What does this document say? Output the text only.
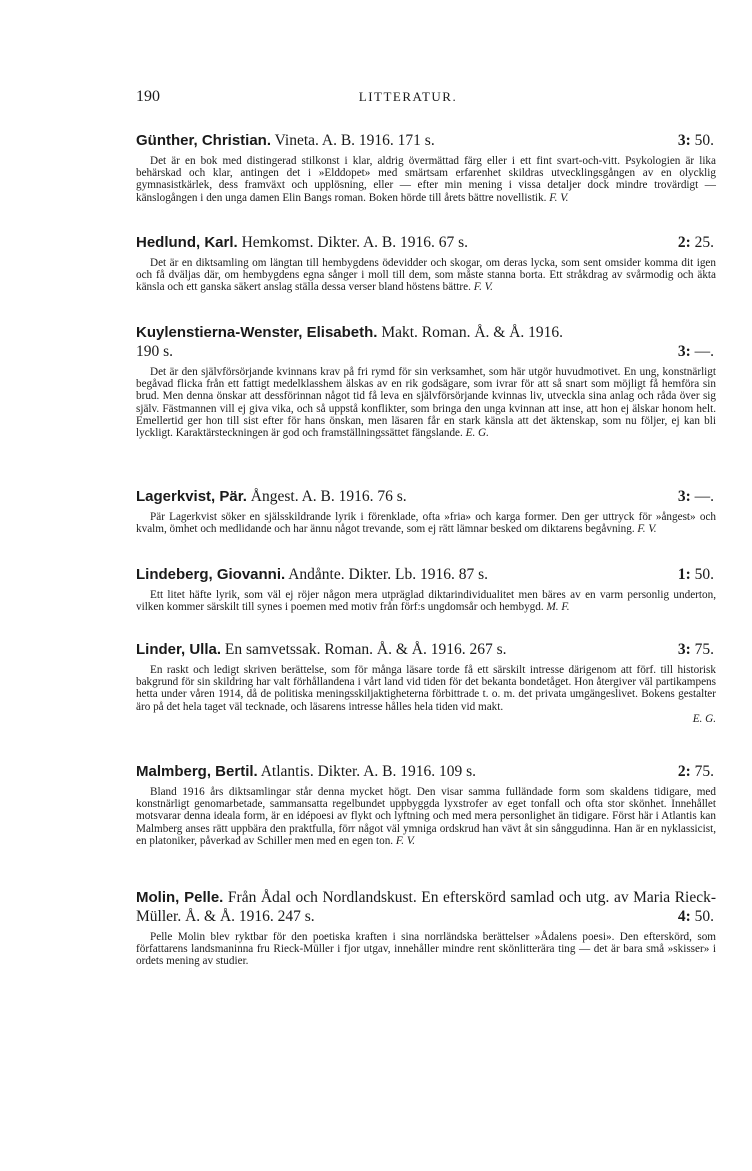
190	LITTERATUR.
Günther, Christian. Vineta. A. B. 1916. 171 s.	3: 50.
Det är en bok med distingerad stilkonst i klar, aldrig övermättad färg eller i ett fint svart-och-vitt. Psykologien är lika behärskad och klar, antingen det i »Elddopet» med smärtsam erfarenhet skildras utvecklingsgången av en olycklig gymnasistkärlek, dess framväxt och upplösning, eller — efter min mening i vissa detaljer dock mindre trovärdigt — känslogången i den unga damen Elin Bangs roman. Boken hörde till årets bättre novellistik. F. V.
Hedlund, Karl. Hemkomst. Dikter. A. B. 1916. 67 s.	2: 25.
Det är en diktsamling om längtan till hembygdens ödevidder och skogar, om deras lycka, som sent omsider komma dit igen och få dväljas där, om hembygdens egna sånger i moll till dem, som måste stanna borta. Ett stråkdrag av svårmodig och äkta känsla och ett ganska säkert anslag ställa dessa verser bland höstens bättre. F. V.
Kuylenstierna-Wenster, Elisabeth. Makt. Roman. Å. & Å. 1916.
190 s.	3: —.
Det är den självförsörjande kvinnans krav på fri rymd för sin verksamhet, som här utgör huvudmotivet. En ung, konstnärligt begåvad flicka från ett fattigt medelklasshem älskas av en rik godsägare, som ivrar för att så snart som möjligt få hemföra sin brud. Men denna önskar att dessförinnan något tid få leva en självförsörjande kvinnas liv, utveckla sina anlag och råda över sig själv. Fästmannen vill ej giva vika, och så uppstå konflikter, som bringa den unga kvinnan att inse, att hon ej älskar honom helt. Emellertid ger hon till sist efter för hans önskan, men läsaren får en stark känsla att det äktenskap, som nu följer, ej kan bli lyckligt. Karaktärsteckningen är god och framställningssättet fängslande. E. G.
Lagerkvist, Pär. Ångest. A. B. 1916. 76 s.	3: —.
Pär Lagerkvist söker en själsskildrande lyrik i förenklade, ofta »fria» och karga former. Den ger uttryck för »ångest» och kvalm, ömhet och medlidande och har ännu något trevande, som ej rätt lämnar besked om diktarens begåvning. F. V.
Lindeberg, Giovanni. Andånte. Dikter. Lb. 1916. 87 s.	1: 50.
Ett litet häfte lyrik, som väl ej röjer någon mera utpräglad diktarindividualitet men bäres av en varm personlig underton, vilken kommer särskilt till synes i poemen med motiv från förf:s ungdomsår och hembygd. M. F.
Linder, Ulla. En samvetssak. Roman. Å. & Å. 1916. 267 s.	3: 75.
En raskt och ledigt skriven berättelse, som för många läsare torde få ett särskilt intresse därigenom att förf. till historisk bakgrund för sin skildring har valt förhållandena i vårt land vid tiden för det bekanta bondetåget. Hon återgiver väl partikampens hetta under våren 1914, då de politiska meningsskiljaktigheterna förbittrade t. o. m. det privata umgängeslivet. Bokens gestalter äro på det hela taget väl tecknade, och läsarens intresse hålles hela tiden vid makt.
E. G.
Malmberg, Bertil. Atlantis. Dikter. A. B. 1916. 109 s.	2: 75.
Bland 1916 års diktsamlingar står denna mycket högt. Den visar samma fulländade form som skaldens tidigare, med konstnärligt genomarbetade, sammansatta regelbundet uppbyggda lyxstrofer av eget tonfall och ofta stor skönhet. Innehållet motsvarar denna ideala form, är en idépoesi av flykt och lyftning och med mera personlighet än tidigare. Först här i Atlantis kan Malmberg anses rätt uppbära den praktfulla, förr något väl ymniga ordskrud han vävt åt sin sånggudinna. Han är en nyklassicist, en platoniker, påverkad av Schiller men med en egen ton. F. V.
Molin, Pelle. Från Ådal och Nordlandskust. En efterskörd samlad och utg. av Maria Rieck-Müller. Å. & Å. 1916. 247 s.	4: 50.
Pelle Molin blev ryktbar för den poetiska kraften i sina norrländska berättelser »Ådalens poesi». Den efterskörd, som författarens landsmaninna fru Rieck-Müller i fjor utgav, innehåller mindre rent skönlitterära ting — det är bara små »skisser» i ordets mening av studier.
